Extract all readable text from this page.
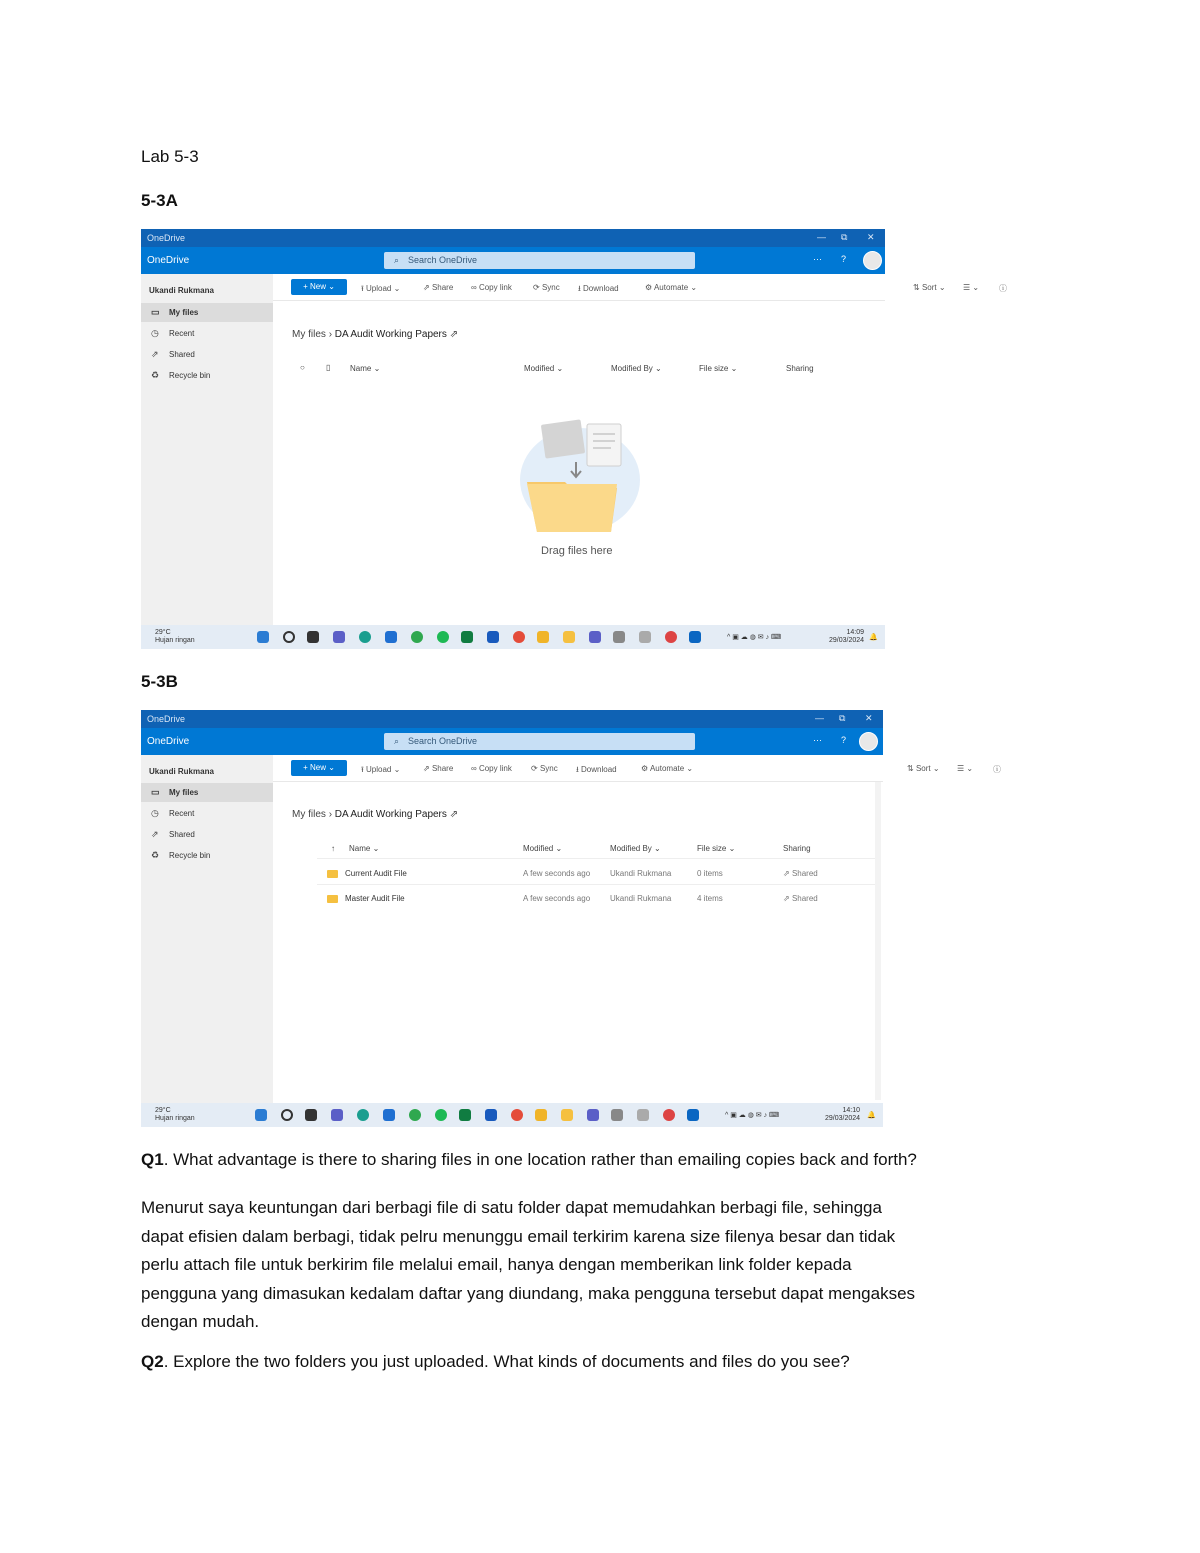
Lab 5-3
5-3A
OneDrive	— ⧉ ✕
OneDrive	⌕ Search OneDrive	··· ?
Ukandi Rukmana
▭ My files
◷ Recent
⇗ Shared
♻ Recycle bin
+ New ⌄	⭱ Upload ⌄	⇗ Share ∞ Copy link	⟳ Sync ⭳ Download	⚙ Automate ⌄	⇅ Sort ⌄ ☰ ⌄ ⓘ
My files › DA Audit Working Papers ⇗
○	▯ Name ⌄	Modified ⌄	Modified By ⌄	File size ⌄	Sharing
Drag files here
29°C
Hujan ringan	^ ▣ ☁ ◍ ✉ ♪ ⌨
14:09
29/03/2024 🔔
5-3B
OneDrive	— ⧉ ✕
OneDrive	⌕ Search OneDrive	··· ?
Ukandi Rukmana
▭ My files
◷ Recent
⇗ Shared
♻ Recycle bin
+ New ⌄	⭱ Upload ⌄	⇗ Share ∞ Copy link ⟳ Sync ⭳ Download	⚙ Automate ⌄	⇅ Sort ⌄ ☰ ⌄ ⓘ
My files › DA Audit Working Papers ⇗
↑ Name ⌄	Modified ⌄	Modified By ⌄	File size ⌄	Sharing
Current Audit File	A few seconds ago Ukandi Rukmana	0 items	⇗ Shared
Master Audit File	A few seconds ago Ukandi Rukmana	4 items	⇗ Shared
29°C
Hujan ringan	^ ▣ ☁ ◍ ✉ ♪ ⌨
14:10
29/03/2024 🔔
Q1. What advantage is there to sharing files in one location rather than emailing copies back and forth?
Menurut saya keuntungan dari berbagi file di satu folder dapat memudahkan berbagi file, sehingga
dapat efisien dalam berbagi, tidak pelru menunggu email terkirim karena size filenya besar dan tidak
perlu attach file untuk berkirim file melalui email, hanya dengan memberikan link folder kepada
pengguna yang dimasukan kedalam daftar yang diundang, maka pengguna tersebut dapat mengakses
dengan mudah.
Q2. Explore the two folders you just uploaded. What kinds of documents and files do you see?
